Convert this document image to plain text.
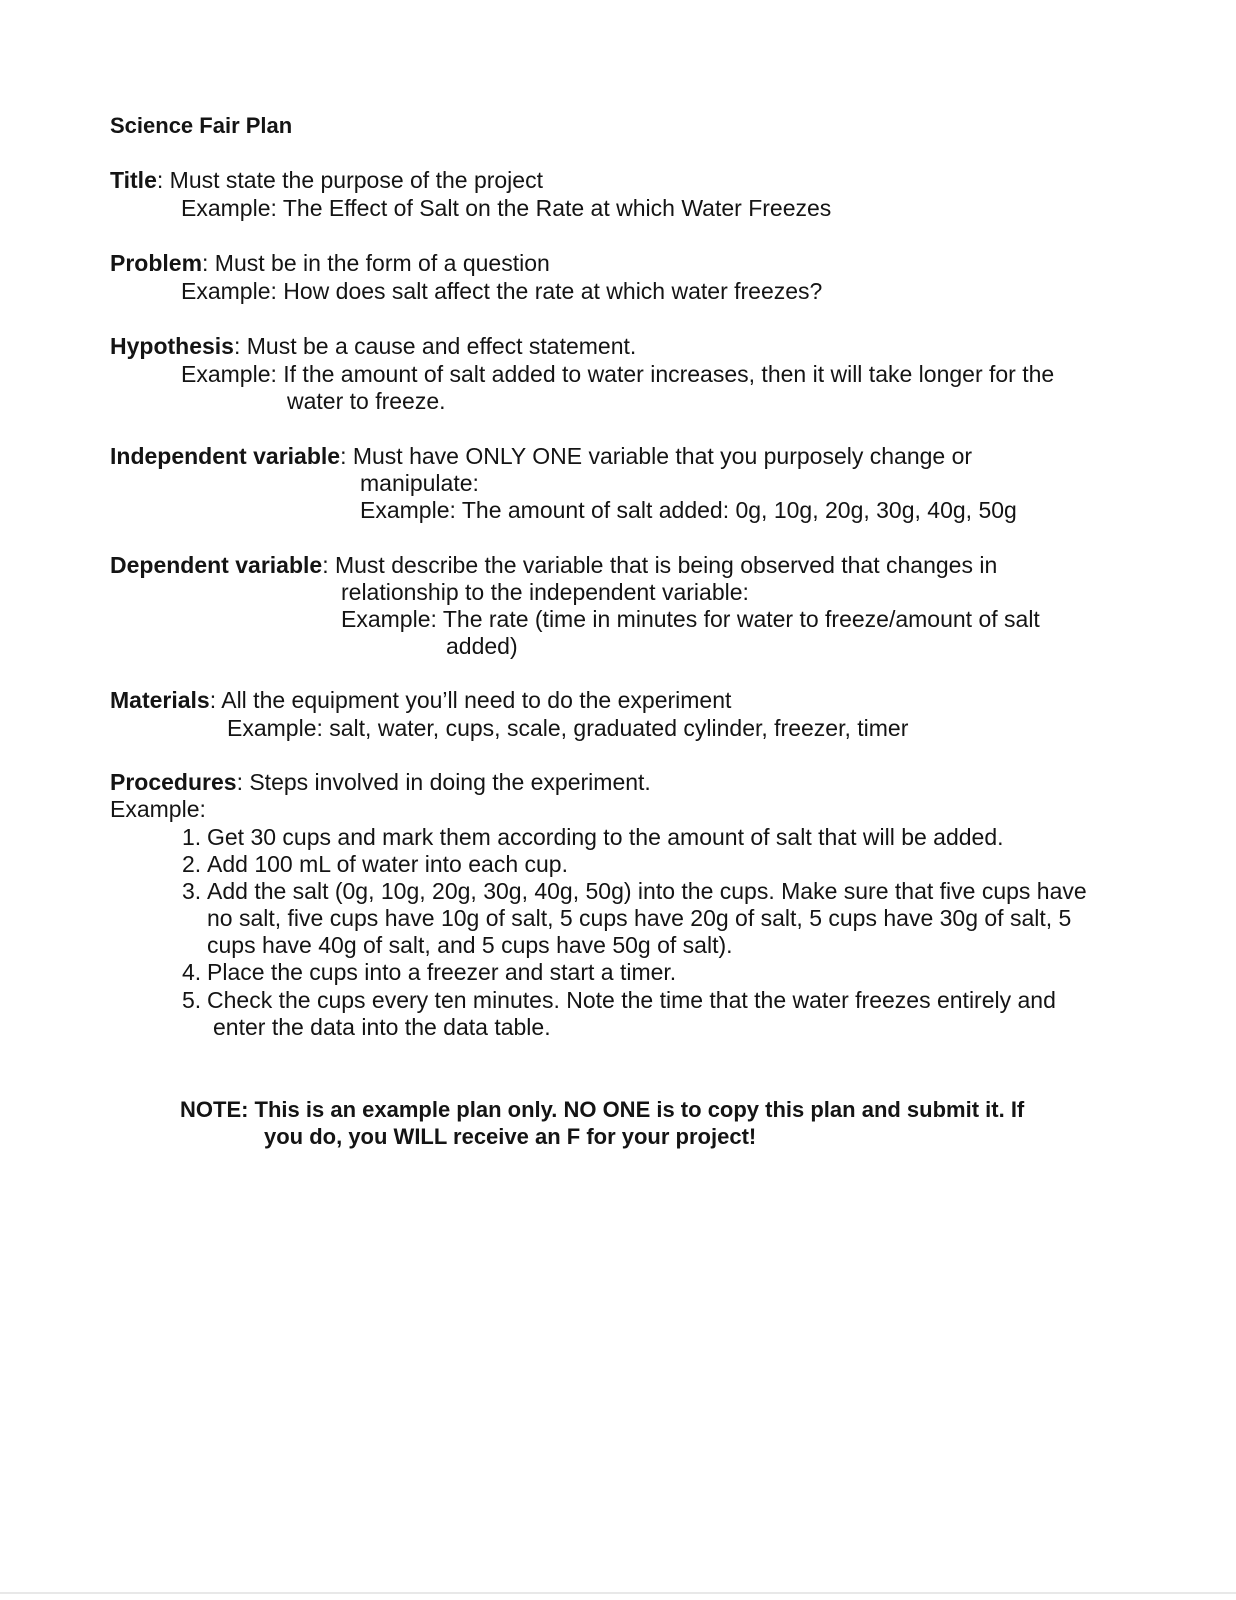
Science Fair Plan
Title: Must state the purpose of the project
Example: The Effect of Salt on the Rate at which Water Freezes
Problem: Must be in the form of a question
Example: How does salt affect the rate at which water freezes?
Hypothesis: Must be a cause and effect statement.
Example: If the amount of salt added to water increases, then it will take longer for the
water to freeze.
Independent variable: Must have ONLY ONE variable that you purposely change or
manipulate:
Example: The amount of salt added: 0g, 10g, 20g, 30g, 40g, 50g
Dependent variable: Must describe the variable that is being observed that changes in
relationship to the independent variable:
Example: The rate (time in minutes for water to freeze/amount of salt
added)
Materials: All the equipment you’ll need to do the experiment
Example: salt, water, cups, scale, graduated cylinder, freezer, timer
Procedures: Steps involved in doing the experiment.
Example:
1. Get 30 cups and mark them according to the amount of salt that will be added.
2. Add 100 mL of water into each cup.
3. Add the salt (0g, 10g, 20g, 30g, 40g, 50g) into the cups. Make sure that five cups have
no salt, five cups have 10g of salt, 5 cups have 20g of salt, 5 cups have 30g of salt, 5
cups have 40g of salt, and 5 cups have 50g of salt).
4. Place the cups into a freezer and start a timer.
5. Check the cups every ten minutes. Note the time that the water freezes entirely and
enter the data into the data table.
NOTE: This is an example plan only. NO ONE is to copy this plan and submit it. If
you do, you WILL receive an F for your project!
